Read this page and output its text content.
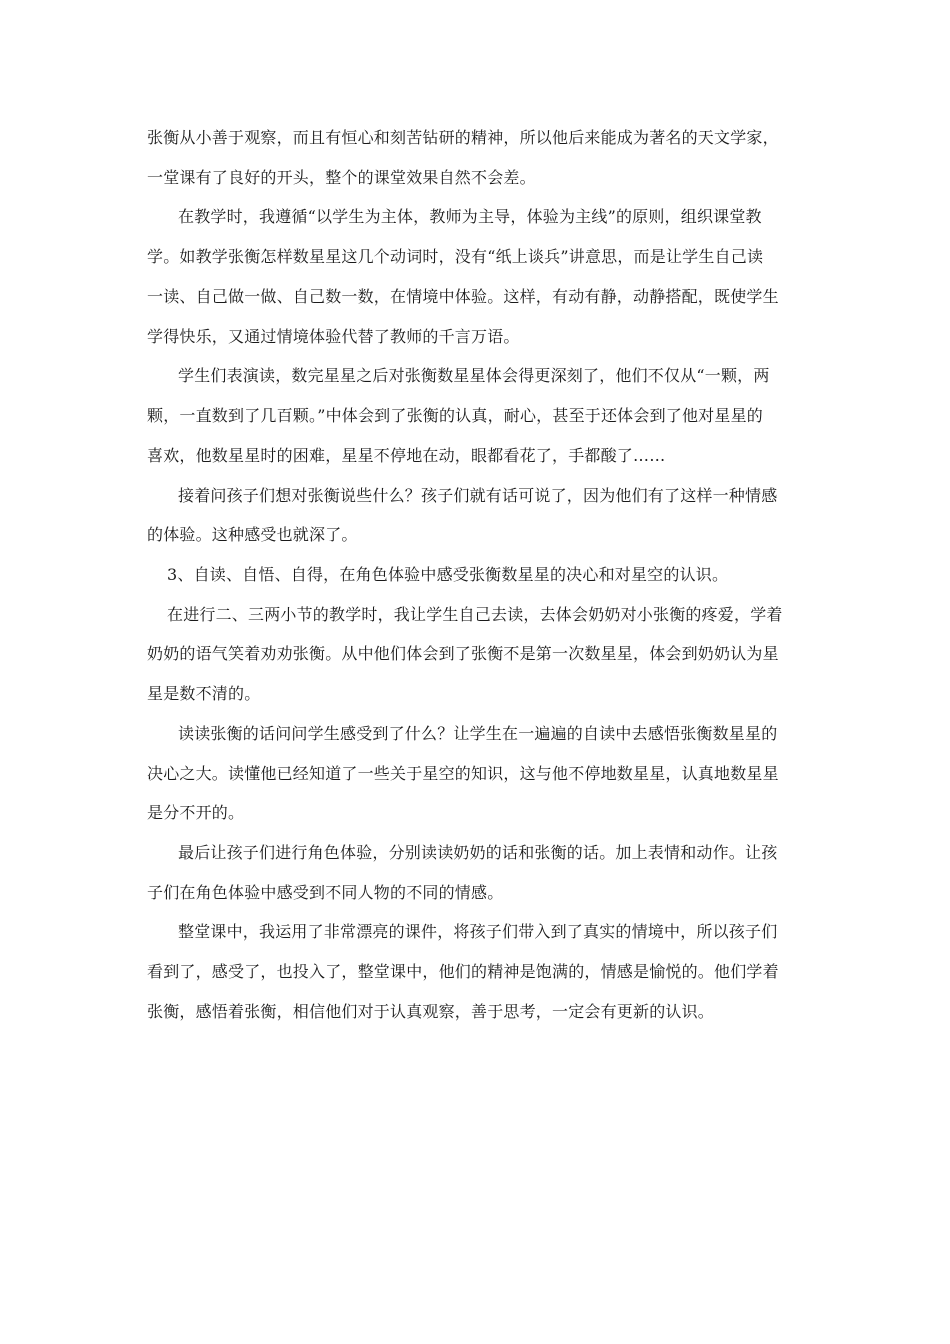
张衡从小善于观察，而且有恒心和刻苦钻研的精神，所以他后来能成为著名的天文学家，
一堂课有了良好的开头，整个的课堂效果自然不会差。
在教学时，我遵循“以学生为主体，教师为主导，体验为主线”的原则，组织课堂教
学。如教学张衡怎样数星星这几个动词时，没有“纸上谈兵”讲意思，而是让学生自己读
一读、自己做一做、自己数一数，在情境中体验。这样，有动有静，动静搭配，既使学生
学得快乐，又通过情境体验代替了教师的千言万语。
学生们表演读，数完星星之后对张衡数星星体会得更深刻了，他们不仅从“一颗，两
颗，一直数到了几百颗。”中体会到了张衡的认真，耐心，甚至于还体会到了他对星星的
喜欢，他数星星时的困难，星星不停地在动，眼都看花了，手都酸了……
接着问孩子们想对张衡说些什么？孩子们就有话可说了，因为他们有了这样一种情感
的体验。这种感受也就深了。
3、自读、自悟、自得，在角色体验中感受张衡数星星的决心和对星空的认识。
在进行二、三两小节的教学时，我让学生自己去读，去体会奶奶对小张衡的疼爱，学着
奶奶的语气笑着劝劝张衡。从中他们体会到了张衡不是第一次数星星，体会到奶奶认为星
星是数不清的。
读读张衡的话问问学生感受到了什么？让学生在一遍遍的自读中去感悟张衡数星星的
决心之大。读懂他已经知道了一些关于星空的知识，这与他不停地数星星，认真地数星星
是分不开的。
最后让孩子们进行角色体验，分别读读奶奶的话和张衡的话。加上表情和动作。让孩
子们在角色体验中感受到不同人物的不同的情感。
整堂课中，我运用了非常漂亮的课件，将孩子们带入到了真实的情境中，所以孩子们
看到了，感受了，也投入了，整堂课中，他们的精神是饱满的，情感是愉悦的。他们学着
张衡，感悟着张衡，相信他们对于认真观察，善于思考，一定会有更新的认识。
